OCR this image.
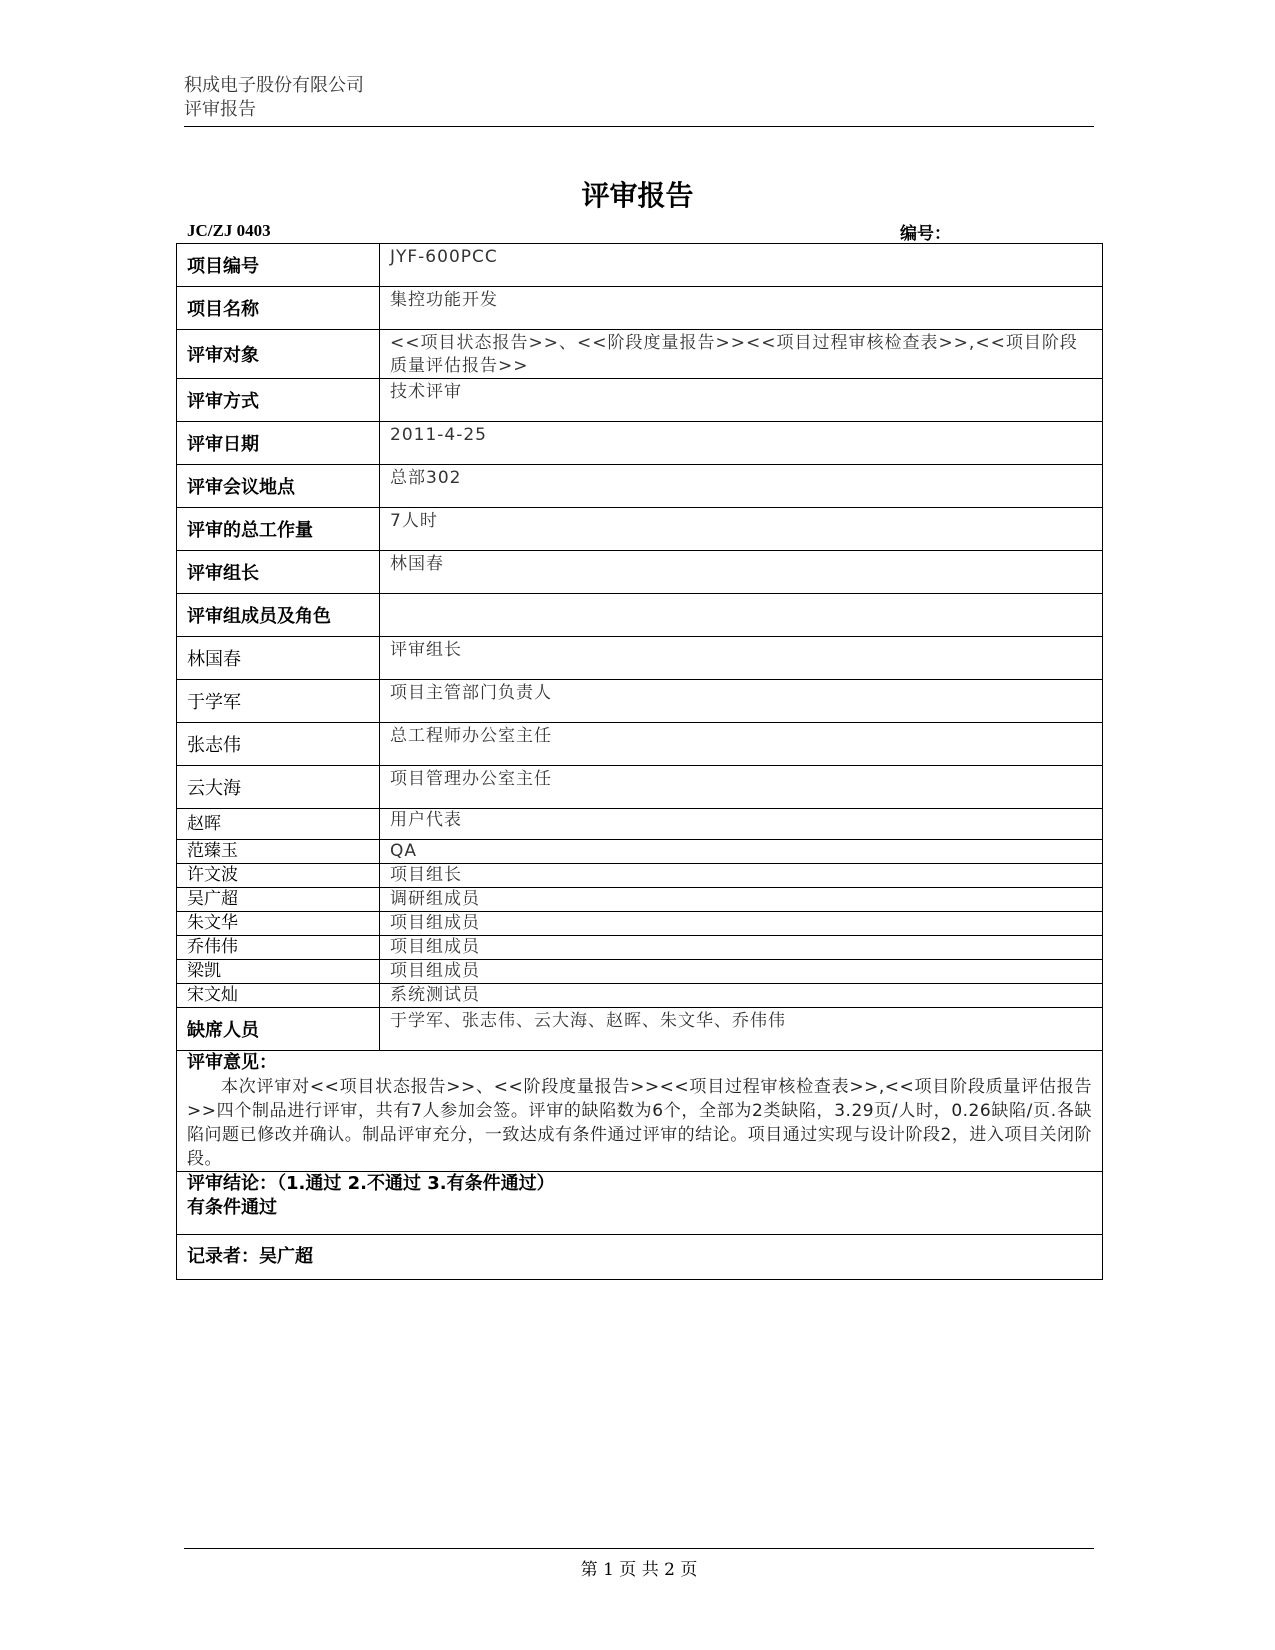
积成电子股份有限公司
评审报告
评审报告
JC/ZJ 0403	编号：
项目编号	JYF-600PCC
项目名称	集控功能开发
评审对象	<<项目状态报告>>、<<阶段度量报告>><<项目过程审核检查表>>,<<项目阶段质量评估报告>>
评审方式	技术评审
评审日期	2011-4-25
评审会议地点	总部302
评审的总工作量	7人时
评审组长	林国春
评审组成员及角色	
林国春	评审组长
于学军	项目主管部门负责人
张志伟	总工程师办公室主任
云大海	项目管理办公室主任
赵晖	用户代表
范臻玉	QA
许文波	项目组长
吴广超	调研组成员
朱文华	项目组成员
乔伟伟	项目组成员
梁凯	项目组成员
宋文灿	系统测试员
缺席人员	于学军、张志伟、云大海、赵晖、朱文华、乔伟伟

评审意见：
本次评审对<<项目状态报告>>、<<阶段度量报告>><<项目过程审核检查表>>,<<项目阶段质量评估报告>>四个制品进行评审，共有7人参加会签。评审的缺陷数为6个，全部为2类缺陷，3.29页/人时，0.26缺陷/页.各缺陷问题已修改并确认。制品评审充分，一致达成有条件通过评审的结论。项目通过实现与设计阶段2，进入项目关闭阶段。	

评审结论：（1.通过 2.不通过 3.有条件通过）
有条件通过	

记录者：吴广超	
第 1 页 共 2 页
